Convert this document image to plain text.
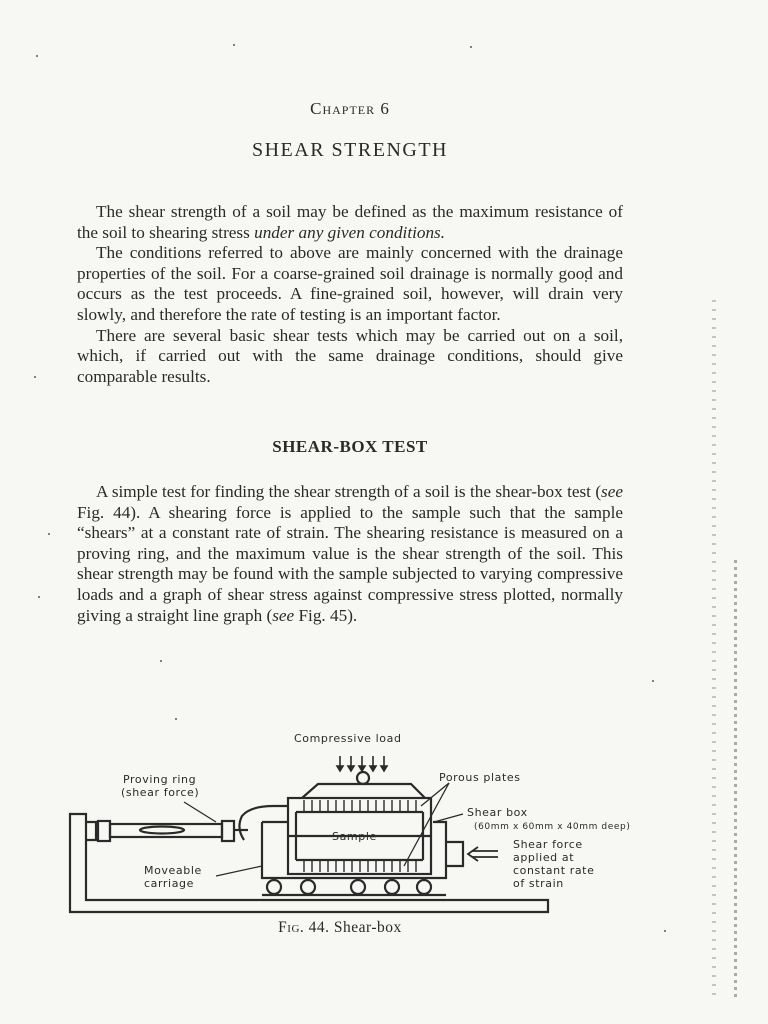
Chapter 6
SHEAR STRENGTH

The shear strength of a soil may be defined as the maximum resistance of the soil to shearing stress under any given conditions.

The conditions referred to above are mainly concerned with the drainage properties of the soil. For a coarse-grained soil drainage is normally good and occurs as the test proceeds. A fine-grained soil, however, will drain very slowly, and therefore the rate of testing is an important factor.

There are several basic shear tests which may be carried out on a soil, which, if carried out with the same drainage conditions, should give comparable results.

SHEAR-BOX TEST

A simple test for finding the shear strength of a soil is the shear-box test (see Fig. 44). A shearing force is applied to the sample such that the sample “shears” at a constant rate of strain. The shearing resistance is measured on a proving ring, and the maximum value is the shear strength of the soil. This shear strength may be found with the sample subjected to varying compressive loads and a graph of shear stress against compressive stress plotted, normally giving a straight line graph (see Fig. 45).

Compressive load
Proving ring
(shear force)
Porous plates
Shear box
(60mm x 60mm x 40mm deep)
Sample
Shear force
applied at
constant rate
of strain
Moveable
carriage
Fig. 44. Shear-box
